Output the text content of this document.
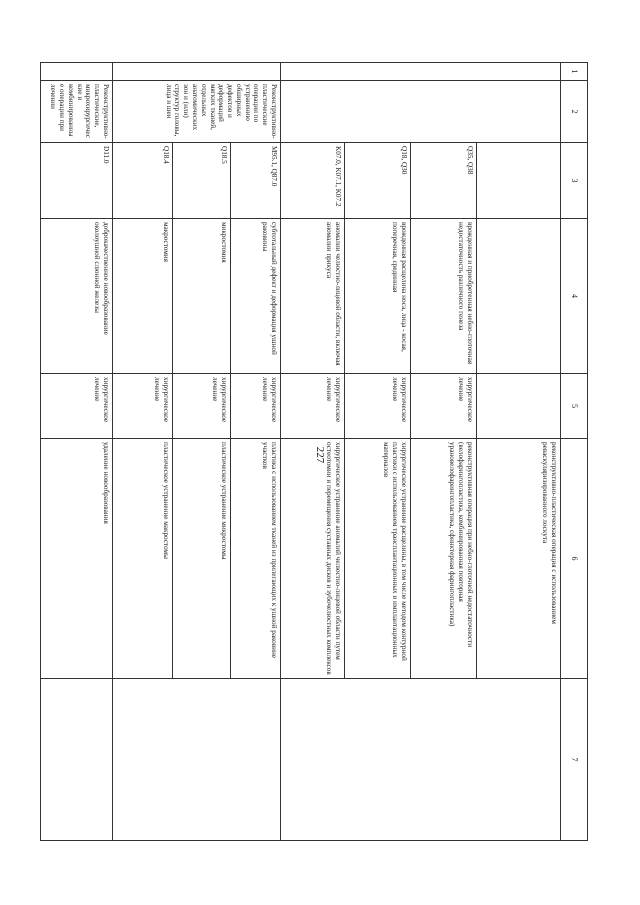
227
1	2	3	4	5	6	7
					реконструктивно-пластическая операция с использованием реваскуляризированного лоскута	
		Q35, Q38	врожденная и приобретенная небно-глоточная недостаточность различного генеза	хирургическое лечение	реконструктивная операция при небно-глоточной недостаточности (велофарингопластика, комбинированная повторная урановелофарингопластика, сфинктерная фарингопластика)	
		Q18, Q30	врожденная расщелина носа, лица - косая, поперечная, срединная	хирургическое лечение	хирургическое устранение расщелины, в том числе методом контурной пластики с использованием трансплантационных и имплантационных материалов	
		K07.0, K07.1, K07.2	аномалии челюстно-лицевой области, включая аномалии прикуса	хирургическое лечение	хирургическое устранение аномалий челюстно-лицевой области путем остеотомии и перемещения суставных дисков и зубочелюстных комплексов	
	Реконструктивно-пластические операции по устранению обширных дефектов и деформаций мягких тканей, отдельных анатомических зон и (или) структур головы, лица и шеи	M95.1, Q87.0	субтотальный дефект и деформация ушной раковины	хирургическое лечение	пластика с использованием тканей из прилегающих к ушной раковине участков	
		Q18.5	микростомия	хирургическое лечение	пластическое устранение микростомы	
		Q18.4	макростомия	хирургическое лечение	пластическое устранение макростомы	
	Реконструктивно-пластические, микрохирургические и комбинированные операции при лечении	D11.0	доброкачественное новообразование околоушной слюнной железы	хирургическое лечение	удаление новообразования	
